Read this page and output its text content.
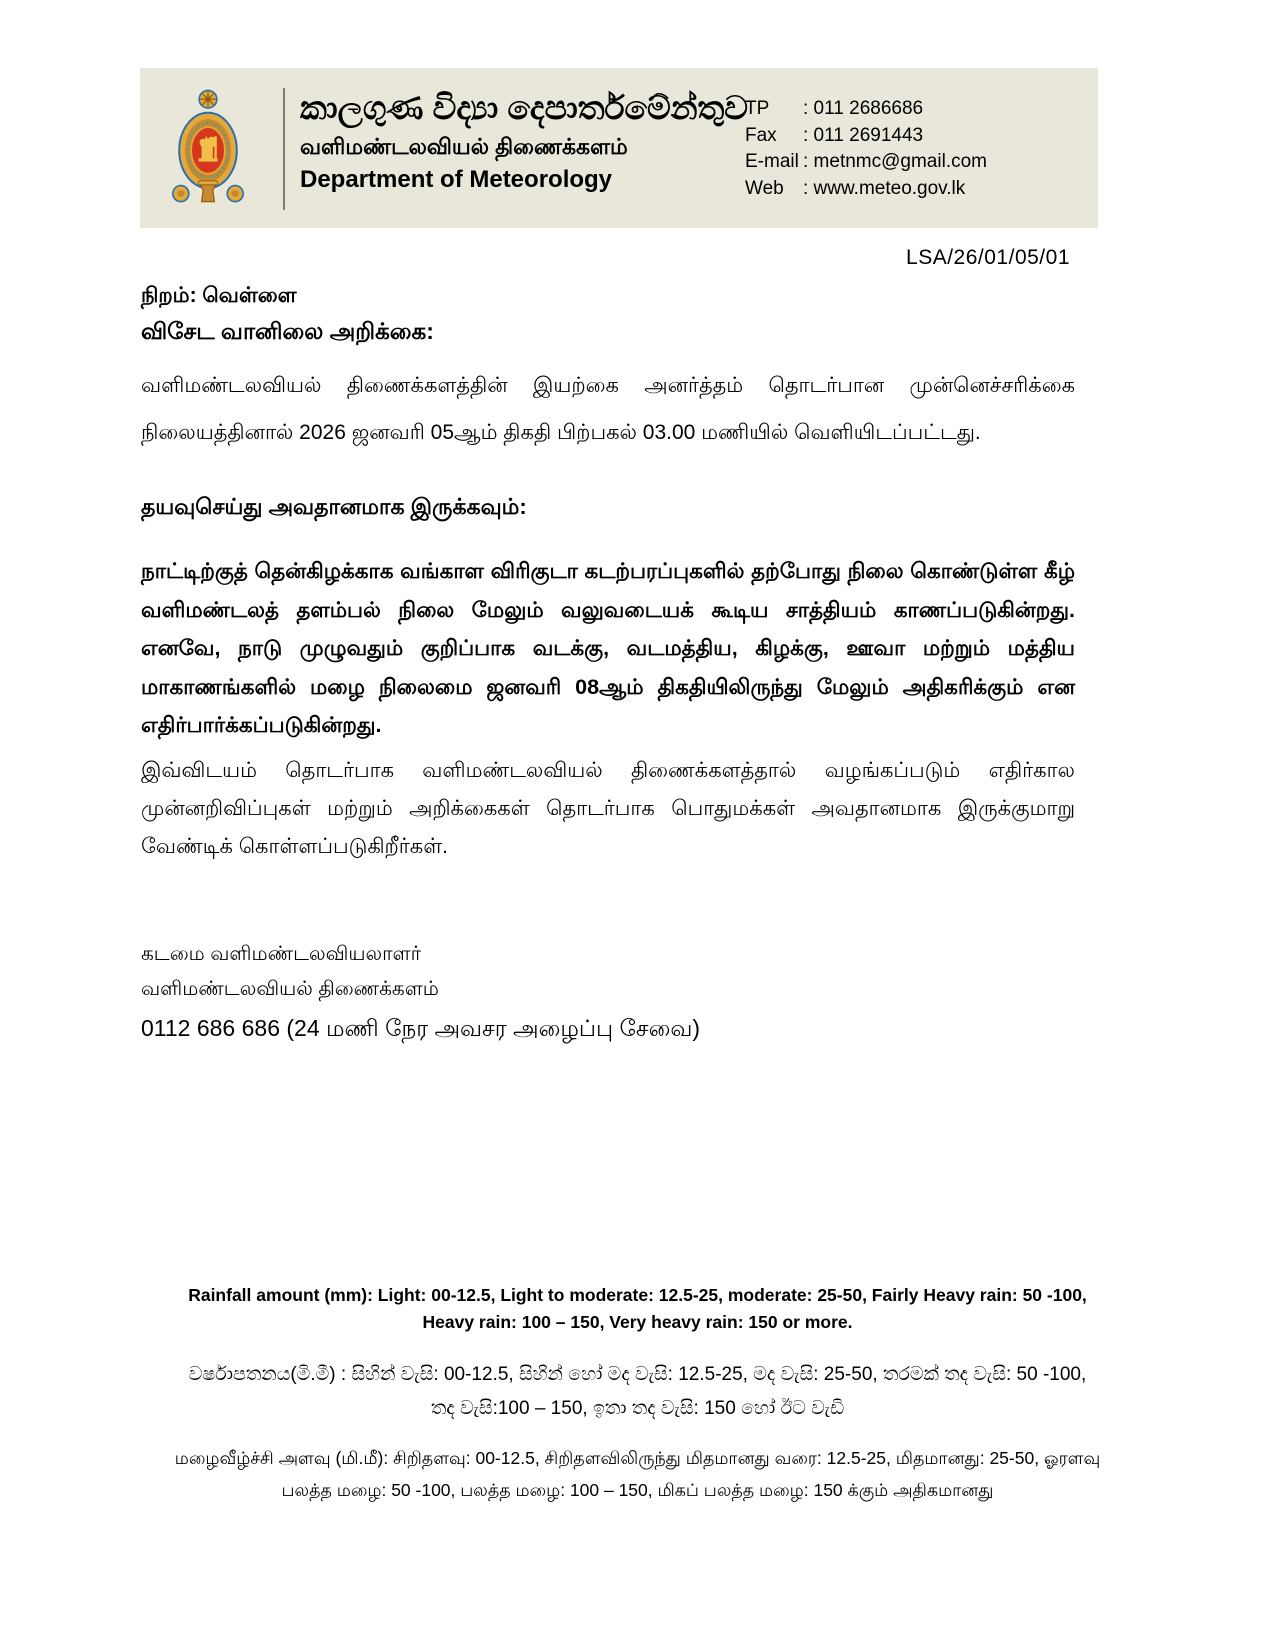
කාලගුණ විද්‍යා දෙපාර්තමේන්තුව
வளிமண்டலவியல் திணைக்களம்
Department of Meteorology
TP	: 011 2686686
Fax	: 011 2691443
E-mail : metnmc@gmail.com
Web	: www.meteo.gov.lk
LSA/26/01/05/01
நிறம்: வெள்ளை
விசேட வானிலை அறிக்கை:
வளிமண்டலவியல் திணைக்களத்தின் இயற்கை அனர்த்தம் தொடர்பான முன்னெச்சரிக்கை நிலையத்தினால் 2026 ஜனவரி 05ஆம் திகதி பிற்பகல் 03.00 மணியில் வெளியிடப்பட்டது.
தயவுசெய்து அவதானமாக இருக்கவும்:
நாட்டிற்குத் தென்கிழக்காக வங்காள விரிகுடா கடற்பரப்புகளில் தற்போது நிலை கொண்டுள்ள கீழ் வளிமண்டலத் தளம்பல் நிலை மேலும் வலுவடையக் கூடிய சாத்தியம் காணப்படுகின்றது. எனவே, நாடு முழுவதும் குறிப்பாக வடக்கு, வடமத்திய, கிழக்கு, ஊவா மற்றும் மத்திய மாகாணங்களில் மழை நிலைமை ஜனவரி 08ஆம் திகதியிலிருந்து மேலும் அதிகரிக்கும் என எதிர்பார்க்கப்படுகின்றது.
இவ்விடயம் தொடர்பாக வளிமண்டலவியல் திணைக்களத்தால் வழங்கப்படும் எதிர்கால முன்னறிவிப்புகள் மற்றும் அறிக்கைகள் தொடர்பாக பொதுமக்கள் அவதானமாக இருக்குமாறு வேண்டிக் கொள்ளப்படுகிறீர்கள்.
கடமை வளிமண்டலவியலாளர்
வளிமண்டலவியல் திணைக்களம்
0112 686 686 (24 மணி நேர அவசர அழைப்பு சேவை)
Rainfall amount (mm): Light: 00-12.5, Light to moderate: 12.5-25, moderate: 25-50, Fairly Heavy rain: 50 -100,
Heavy rain: 100 – 150, Very heavy rain: 150 or more.
වර්ෂාපතනය(මි.මී) : සිහින් වැසි: 00-12.5, සිහින් හෝ මද වැසි: 12.5-25, මද වැසි: 25-50, තරමක් තද වැසි: 50 -100,
තද වැසි:100 – 150, ඉතා තද වැසි: 150 හෝ ඊට වැඩි
மழைவீழ்ச்சி அளவு (மி.மீ): சிறிதளவு: 00-12.5, சிறிதளவிலிருந்து மிதமானது வரை: 12.5-25, மிதமானது: 25-50, ஓரளவு
பலத்த மழை: 50 -100, பலத்த மழை: 100 – 150, மிகப் பலத்த மழை: 150 க்கும் அதிகமானது
